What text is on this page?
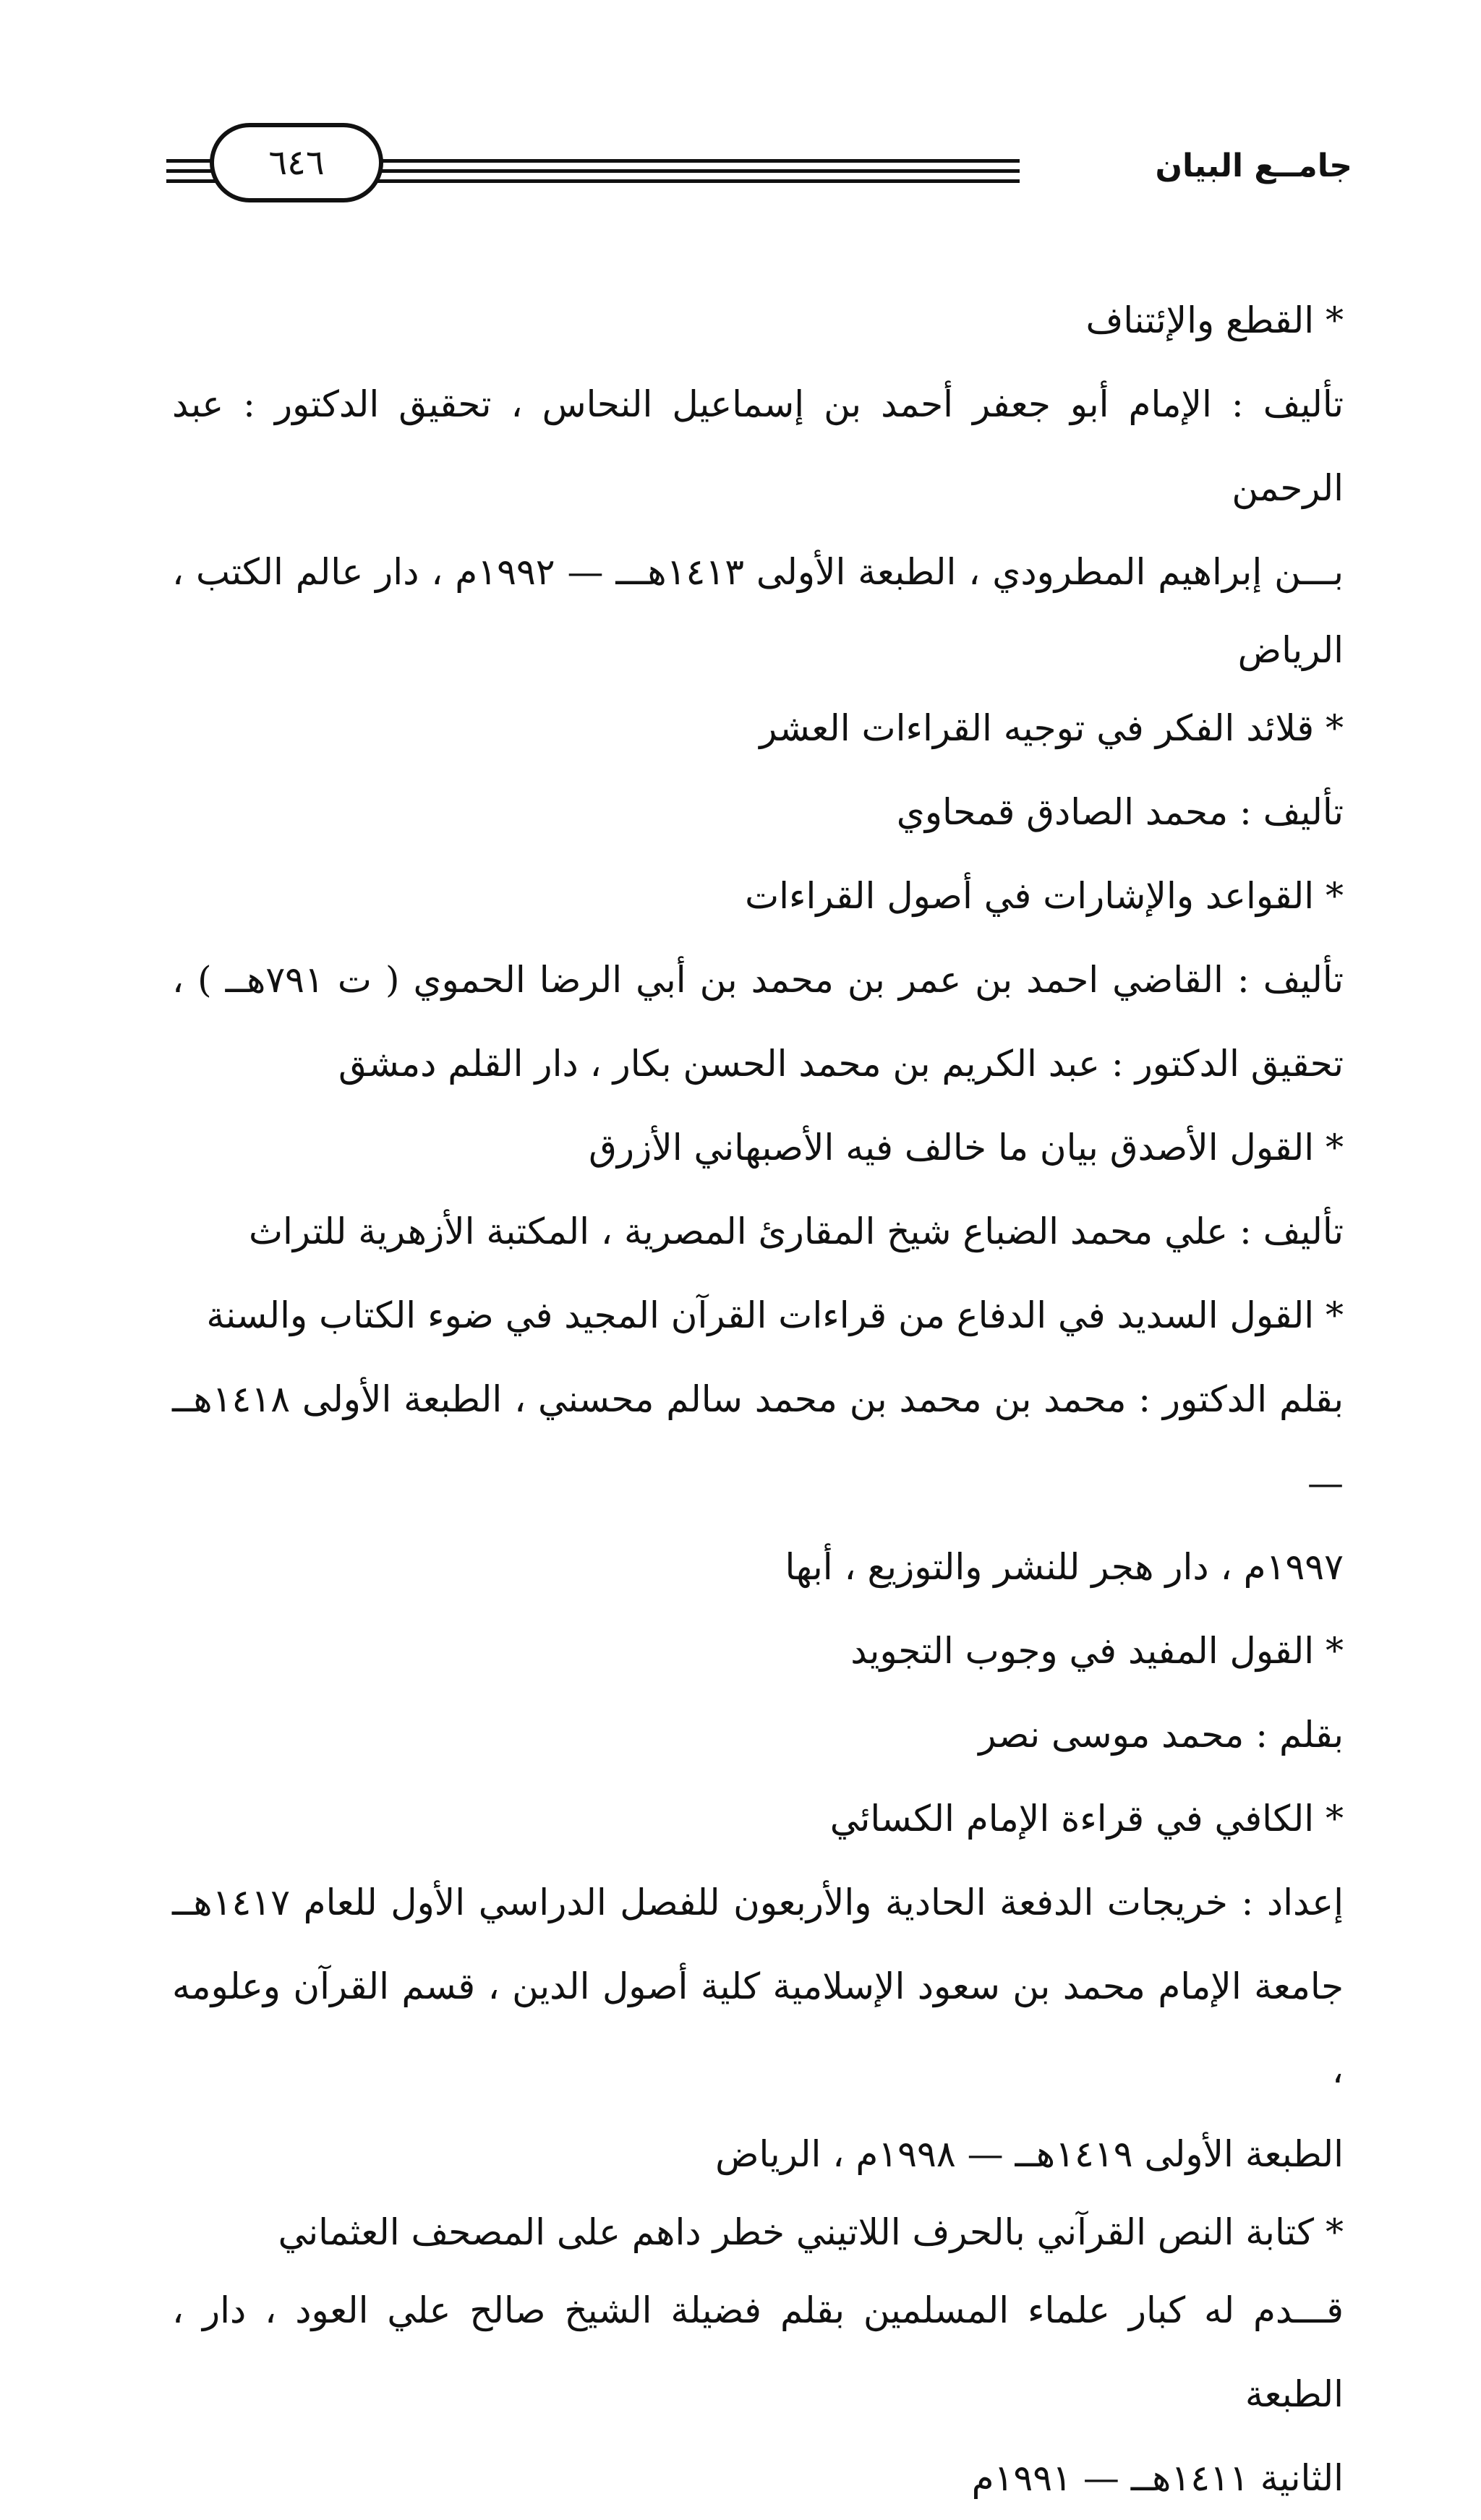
جامــع البيان
٦٤٦
* القطع والإئتناف
تأليف : الإمام أبو جعفر أحمد بن إسماعيل النحاس ، تحقيق الدكتور : عبد الرحمن
بـــن إبراهيم المطرودي ، الطبعة الأولى ١٤١٣هـــ — ١٩٩٢م ، دار عالم الكتب ،
الرياض
* قلائد الفكر في توجيه القراءات العشر
تأليف : محمد الصادق قمحاوي
* القواعد والإشارات في أصول القراءات
تأليف : القاضي احمد بن عمر بن محمد بن أبي الرضا الحموي ( ت ٧٩١هــ ) ،
تحقيق الدكتور : عبد الكريم بن محمد الحسن بكار ، دار القلم دمشق
* القول الأصدق بيان ما خالف فيه الأصبهاني الأزرق
تأليف : علي محمد الضباع شيخ المقارئ المصرية ، المكتبة الأزهرية للتراث
* القول السديد في الدفاع من قراءات القرآن المجيد في ضوء الكتاب والسنة
بقلم الدكتور : محمد بن محمد بن محمد سالم محسني ، الطبعة الأولى ١٤١٨هــ —
١٩٩٧م ، دار هجر للنشر والتوزيع ، أبها
* القول المفيد في وجوب التجويد
بقلم : محمد موسى نصر
* الكافي في قراءة الإمام الكسائي
إعداد : خريجات الدفعة الحادية والأربعون للفصل الدراسي الأول للعام ١٤١٧هــ
جامعة الإمام محمد بن سعود الإسلامية كلية أصول الدين ، قسم القرآن وعلومه ،
الطبعة الأولى ١٤١٩هــ — ١٩٩٨م ، الرياض
* كتابة النص القرآني بالحرف اللاتيني خطر داهم على المصحف العثماني
قـــدم له كبار علماء المسلمين بقلم فضيلة الشيخ صالح علي العود ، دار ، الطبعة
الثانية ١٤١١هــ — ١٩٩١م
